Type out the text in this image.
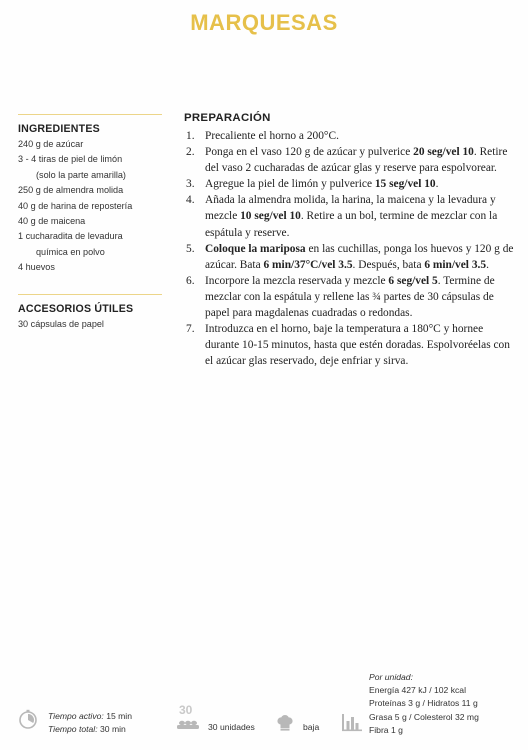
MARQUESAS
INGREDIENTES
240 g de azúcar
3 - 4 tiras de piel de limón
(solo la parte amarilla)
250 g de almendra molida
40 g de harina de repostería
40 g de maicena
1 cucharadita de levadura
química en polvo
4 huevos
ACCESORIOS ÚTILES
30 cápsulas de papel
PREPARACIÓN
1. Precaliente el horno a 200°C.
2. Ponga en el vaso 120 g de azúcar y pulverice 20 seg/vel 10. Retire del vaso 2 cucharadas de azúcar glas y reserve para espolvorear.
3. Agregue la piel de limón y pulverice 15 seg/vel 10.
4. Añada la almendra molida, la harina, la maicena y la levadura y mezcle 10 seg/vel 10. Retire a un bol, termine de mezclar con la espátula y reserve.
5. Coloque la mariposa en las cuchillas, ponga los huevos y 120 g de azúcar. Bata 6 min/37°C/vel 3.5. Después, bata 6 min/vel 3.5.
6. Incorpore la mezcla reservada y mezcle 6 seg/vel 5. Termine de mezclar con la espátula y rellene las ¾ partes de 30 cápsulas de papel para magdalenas cuadradas o redondas.
7. Introduzca en el horno, baje la temperatura a 180°C y hornee durante 10-15 minutos, hasta que estén doradas. Espolvoréelas con el azúcar glas reservado, deje enfriar y sirva.
Por unidad:
Energía 427 kJ / 102 kcal
Proteínas 3 g / Hidratos 11 g
Grasa 5 g / Colesterol 32 mg
Fibra 1 g
Tiempo activo: 15 min
Tiempo total: 30 min
30
30 unidades	baja
